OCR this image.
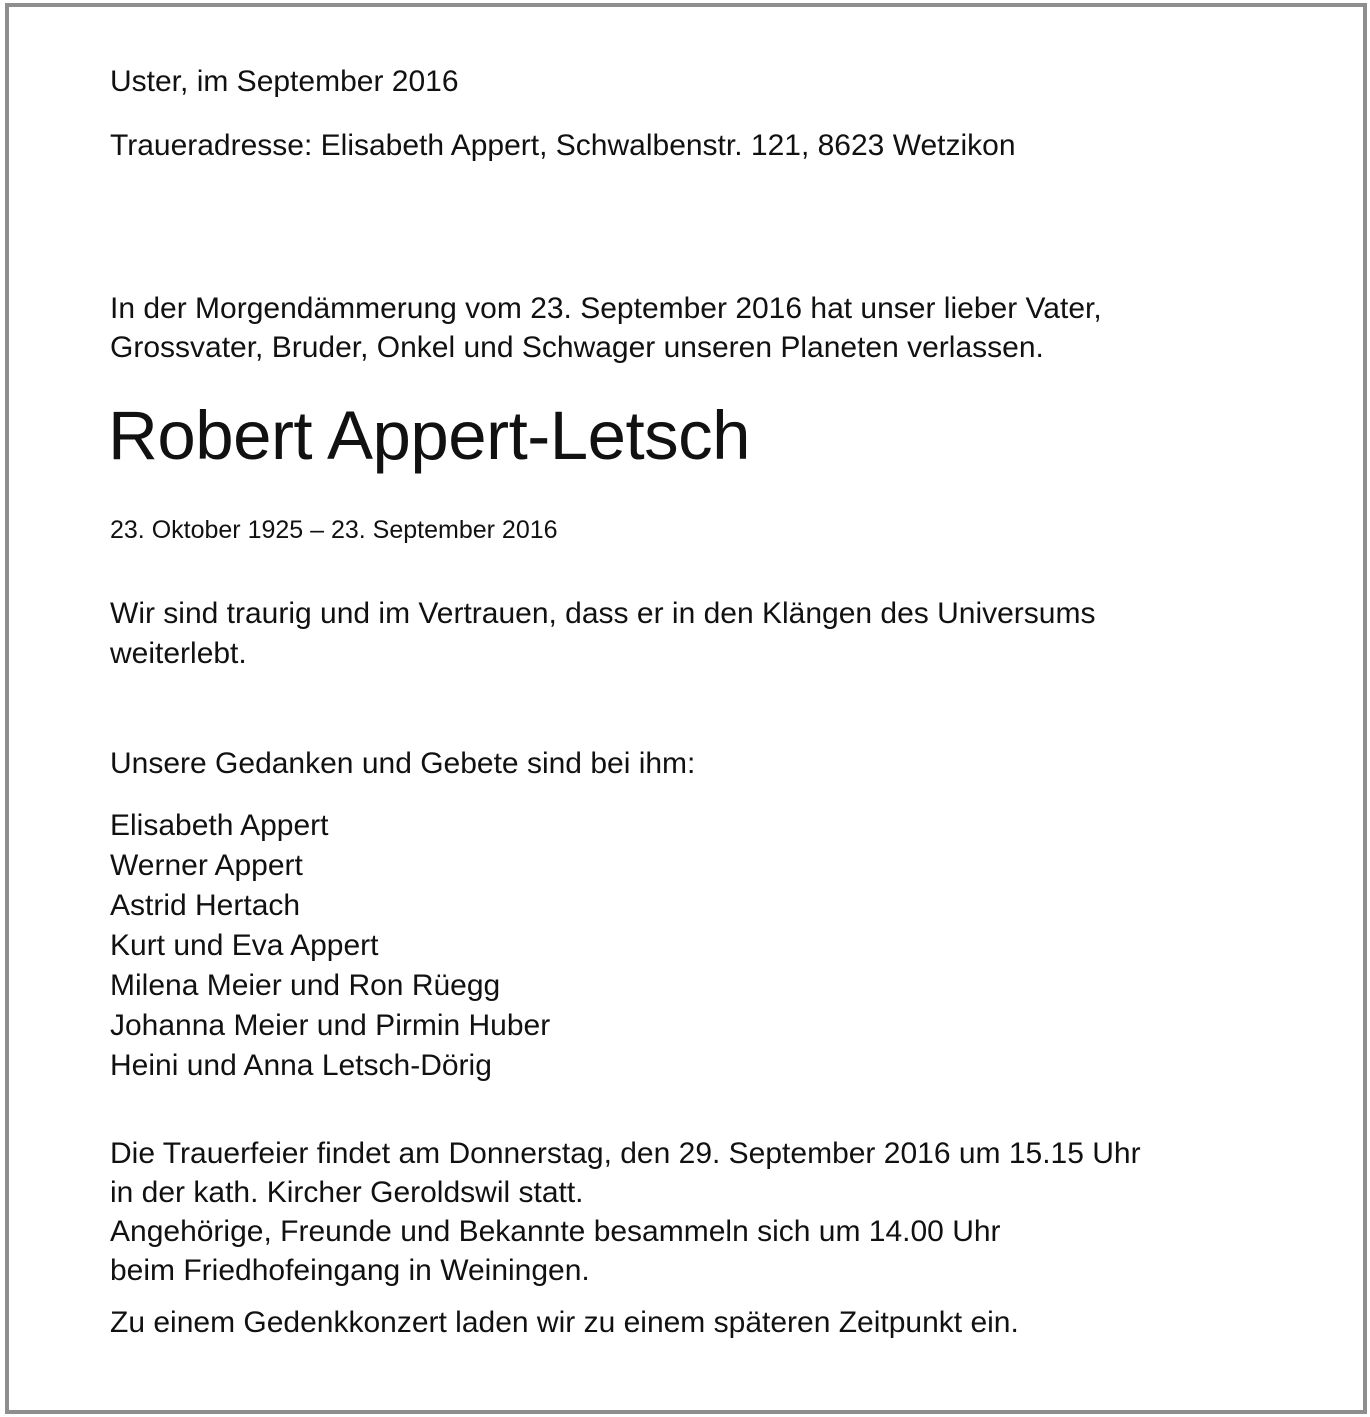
Uster, im September 2016

Traueradresse: Elisabeth Appert, Schwalbenstr. 121, 8623 Wetzikon

In der Morgendämmerung vom 23. September 2016 hat unser lieber Vater,

Grossvater, Bruder, Onkel und Schwager unseren Planeten verlassen.

Robert Appert-Letsch

23. Oktober 1925 – 23. September 2016

Wir sind traurig und im Vertrauen, dass er in den Klängen des Universums

weiterlebt.

Unsere Gedanken und Gebete sind bei ihm:

Elisabeth Appert
Werner Appert
Astrid Hertach
Kurt und Eva Appert
Milena Meier und Ron Rüegg
Johanna Meier und Pirmin Huber
Heini und Anna Letsch-Dörig

Die Trauerfeier findet am Donnerstag, den 29. September 2016 um 15.15 Uhr

in der kath. Kircher Geroldswil statt.

Angehörige, Freunde und Bekannte besammeln sich um 14.00 Uhr

beim Friedhofeingang in Weiningen.

Zu einem Gedenkkonzert laden wir zu einem späteren Zeitpunkt ein.
